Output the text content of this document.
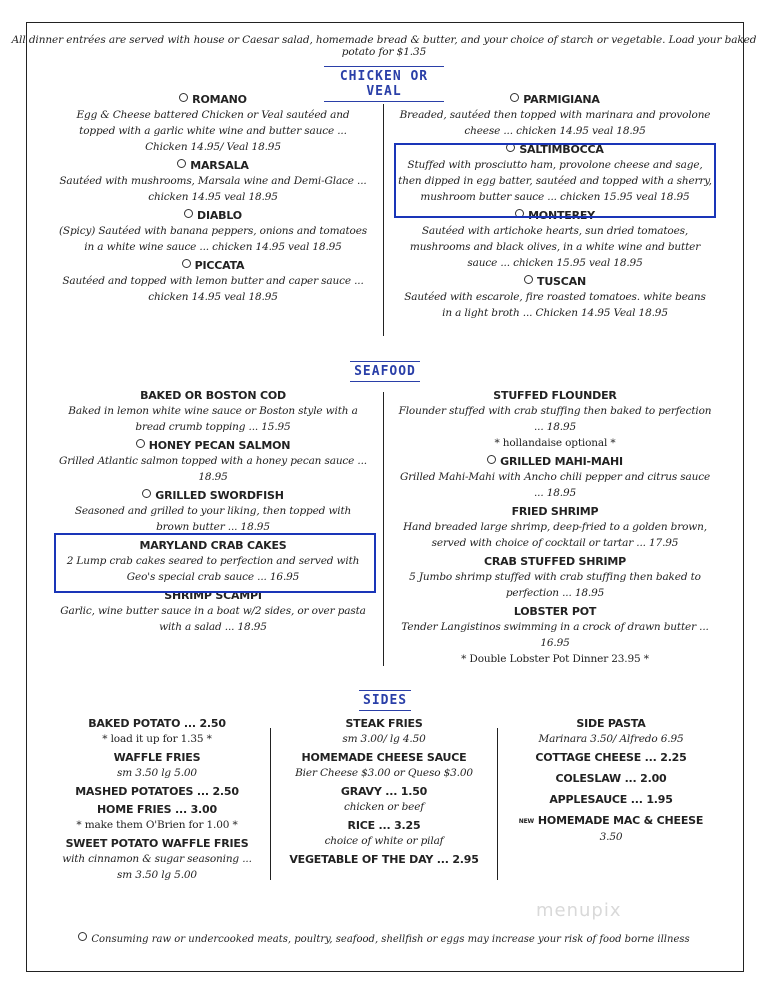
All dinner entrées are served with house or Caesar salad, homemade bread & butter, and your choice of starch or vegetable. Load your baked potato for $1.35
CHICKEN OR VEAL
ROMANO
Egg & Cheese battered Chicken or Veal sautéed and topped with a garlic white wine and butter sauce ... Chicken 14.95/ Veal 18.95
MARSALA
Sautéed with mushrooms, Marsala wine and Demi-Glace ... chicken 14.95 veal 18.95
DIABLO
(Spicy) Sautéed with banana peppers, onions and tomatoes in a white wine sauce ... chicken 14.95 veal 18.95
PICCATA
Sautéed and topped with lemon butter and caper sauce ... chicken 14.95 veal 18.95
PARMIGIANA
Breaded, sautéed then topped with marinara and provolone cheese ... chicken 14.95 veal 18.95
SALTIMBOCCA
Stuffed with prosciutto ham, provolone cheese and sage, then dipped in egg batter, sautéed and topped with a sherry, mushroom butter sauce ... chicken 15.95 veal 18.95
MONTEREY
Sautéed with artichoke hearts, sun dried tomatoes, mushrooms and black olives, in a white wine and butter sauce ... chicken 15.95 veal 18.95
TUSCAN
Sautéed with escarole, fire roasted tomatoes. white beans in a light broth ... Chicken 14.95 Veal 18.95
SEAFOOD
BAKED OR BOSTON COD
Baked in lemon white wine sauce or Boston style with a bread crumb topping ... 15.95
HONEY PECAN SALMON
Grilled Atlantic salmon topped with a honey pecan sauce ... 18.95
GRILLED SWORDFISH
Seasoned and grilled to your liking, then topped with brown butter ... 18.95
MARYLAND CRAB CAKES
2 Lump crab cakes seared to perfection and served with Geo's special crab sauce ... 16.95
SHRIMP SCAMPI
Garlic, wine butter sauce in a boat w/2 sides, or over pasta with a salad ... 18.95
STUFFED FLOUNDER
Flounder stuffed with crab stuffing then baked to perfection ... 18.95
* hollandaise optional *
GRILLED MAHI-MAHI
Grilled Mahi-Mahi with Ancho chili pepper and citrus sauce ... 18.95
FRIED SHRIMP
Hand breaded large shrimp, deep-fried to a golden brown, served with choice of cocktail or tartar ... 17.95
CRAB STUFFED SHRIMP
5 Jumbo shrimp stuffed with crab stuffing then baked to perfection ... 18.95
LOBSTER POT
Tender Langistinos swimming in a crock of drawn butter ... 16.95
* Double Lobster Pot Dinner 23.95 *
SIDES
BAKED POTATO ... 2.50
* load it up for 1.35 *
WAFFLE FRIES
sm 3.50 lg 5.00
MASHED POTATOES ... 2.50
HOME FRIES ... 3.00
* make them O'Brien for 1.00 *
SWEET POTATO WAFFLE FRIES
with cinnamon & sugar seasoning ... sm 3.50 lg 5.00
STEAK FRIES
sm 3.00/ lg 4.50
HOMEMADE CHEESE SAUCE
Bier Cheese $3.00 or Queso $3.00
GRAVY ... 1.50
chicken or beef
RICE ... 3.25
choice of white or pilaf
VEGETABLE OF THE DAY ... 2.95
SIDE PASTA
Marinara 3.50/ Alfredo 6.95
COTTAGE CHEESE ... 2.25
COLESLAW ... 2.00
APPLESAUCE ... 1.95
NEW HOMEMADE MAC & CHEESE
3.50
menupix
Consuming raw or undercooked meats, poultry, seafood, shellfish or eggs may increase your risk of food borne illness
